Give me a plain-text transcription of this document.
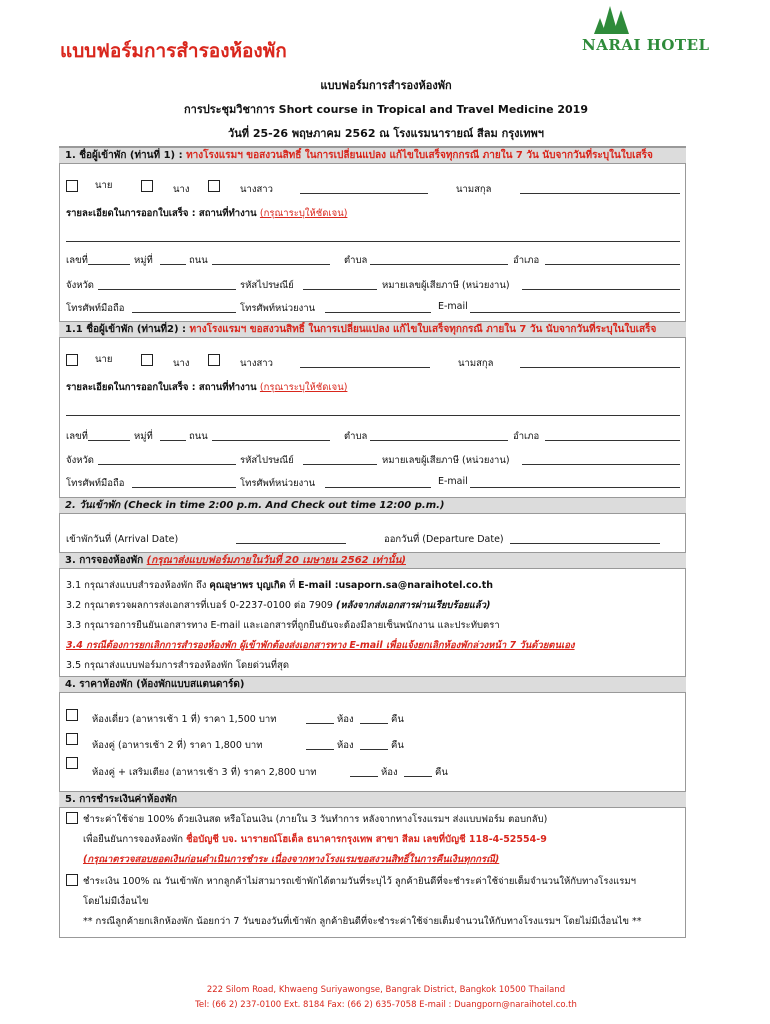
แบบฟอร์มการสำรองห้องพัก	NARAI HOTEL
แบบฟอร์มการสำรองห้องพัก
การประชุมวิชาการ Short course in Tropical and Travel Medicine 2019
วันที่ 25-26 พฤษภาคม 2562 ณ โรงแรมนารายณ์ สีลม กรุงเทพฯ
1. ชื่อผู้เข้าพัก (ท่านที่ 1) : ทางโรงแรมฯ ขอสงวนสิทธิ์ ในการเปลี่ยนแปลง แก้ไขใบเสร็จทุกกรณี ภายใน 7 วัน นับจากวันที่ระบุในใบเสร็จ
นาย	นาง	นางสาว	นามสกุล
รายละเอียดในการออกใบเสร็จ : สถานที่ทำงาน (กรุณาระบุให้ชัดเจน)
เลขที่	หมู่ที่	ถนน	ตำบล	อำเภอ
จังหวัด	รหัสไปรษณีย์	หมายเลขผู้เสียภาษี (หน่วยงาน)
โทรศัพท์มือถือ	โทรศัพท์หน่วยงาน	E-mail
1.1 ชื่อผู้เข้าพัก (ท่านที่2) : ทางโรงแรมฯ ขอสงวนสิทธิ์ ในการเปลี่ยนแปลง แก้ไขใบเสร็จทุกกรณี ภายใน 7 วัน นับจากวันที่ระบุในใบเสร็จ
นาย	นาง	นางสาว	นามสกุล
รายละเอียดในการออกใบเสร็จ : สถานที่ทำงาน (กรุณาระบุให้ชัดเจน)
เลขที่	หมู่ที่	ถนน	ตำบล	อำเภอ
จังหวัด	รหัสไปรษณีย์	หมายเลขผู้เสียภาษี (หน่วยงาน)
โทรศัพท์มือถือ	โทรศัพท์หน่วยงาน	E-mail
2. วันเข้าพัก (Check in time 2:00 p.m. And Check out time 12:00 p.m.)
เข้าพักวันที่ (Arrival Date)	ออกวันที่ (Departure Date)
3. การจองห้องพัก (กรุณาส่งแบบฟอร์มภายในวันที่ 20 เมษายน 2562 เท่านั้น)
3.1 กรุณาส่งแบบสำรองห้องพัก ถึง คุณอุษาพร บุญเกิด ที่ E-mail :usaporn.sa@naraihotel.co.th
3.2 กรุณาตรวจผลการส่งเอกสารที่เบอร์ 0-2237-0100 ต่อ 7909 (หลังจากส่งเอกสารผ่านเรียบร้อยแล้ว)
3.3 กรุณารอการยืนยันเอกสารทาง E-mail และเอกสารที่ถูกยืนยันจะต้องมีลายเซ็นพนักงาน และประทับตรา
3.4 กรณีต้องการยกเลิกการสำรองห้องพัก ผู้เข้าพักต้องส่งเอกสารทาง E-mail เพื่อแจ้งยกเลิกห้องพักล่วงหน้า 7 วันด้วยตนเอง
3.5 กรุณาส่งแบบฟอร์มการสำรองห้องพัก โดยด่วนที่สุด
4. ราคาห้องพัก (ห้องพักแบบสแตนดาร์ด)
ห้องเดี่ยว (อาหารเช้า 1 ที่) ราคา 1,500 บาท	ห้อง	คืน
ห้องคู่ (อาหารเช้า 2 ที่) ราคา 1,800 บาท	ห้อง	คืน
ห้องคู่ + เสริมเตียง (อาหารเช้า 3 ที่) ราคา 2,800 บาท	ห้อง	คืน
5. การชำระเงินค่าห้องพัก
ชำระค่าใช้จ่าย 100% ด้วยเงินสด หรือโอนเงิน (ภายใน 3 วันทำการ หลังจากทางโรงแรมฯ ส่งแบบฟอร์ม ตอบกลับ)
เพื่อยืนยันการจองห้องพัก ชื่อบัญชี บจ. นารายณ์โฮเต็ล ธนาคารกรุงเทพ สาขา สีลม เลขที่บัญชี 118-4-52554-9
(กรุณาตรวจสอบยอดเงินก่อนดำเนินการชำระ เนื่องจากทางโรงแรมขอสงวนสิทธิ์ในการคืนเงินทุกกรณี)
ชำระเงิน 100% ณ วันเข้าพัก หากลูกค้าไม่สามารถเข้าพักได้ตามวันที่ระบุไว้ ลูกค้ายินดีที่จะชำระค่าใช้จ่ายเต็มจำนวนให้กับทางโรงแรมฯ
โดยไม่มีเงื่อนไข
** กรณีลูกค้ายกเลิกห้องพัก น้อยกว่า 7 วันของวันที่เข้าพัก ลูกค้ายินดีที่จะชำระค่าใช้จ่ายเต็มจำนวนให้กับทางโรงแรมฯ โดยไม่มีเงื่อนไข **
222 Silom Road, Khwaeng Suriyawongse, Bangrak District, Bangkok 10500 Thailand
Tel: (66 2) 237-0100 Ext. 8184 Fax: (66 2) 635-7058 E-mail : Duangporn@naraihotel.co.th
